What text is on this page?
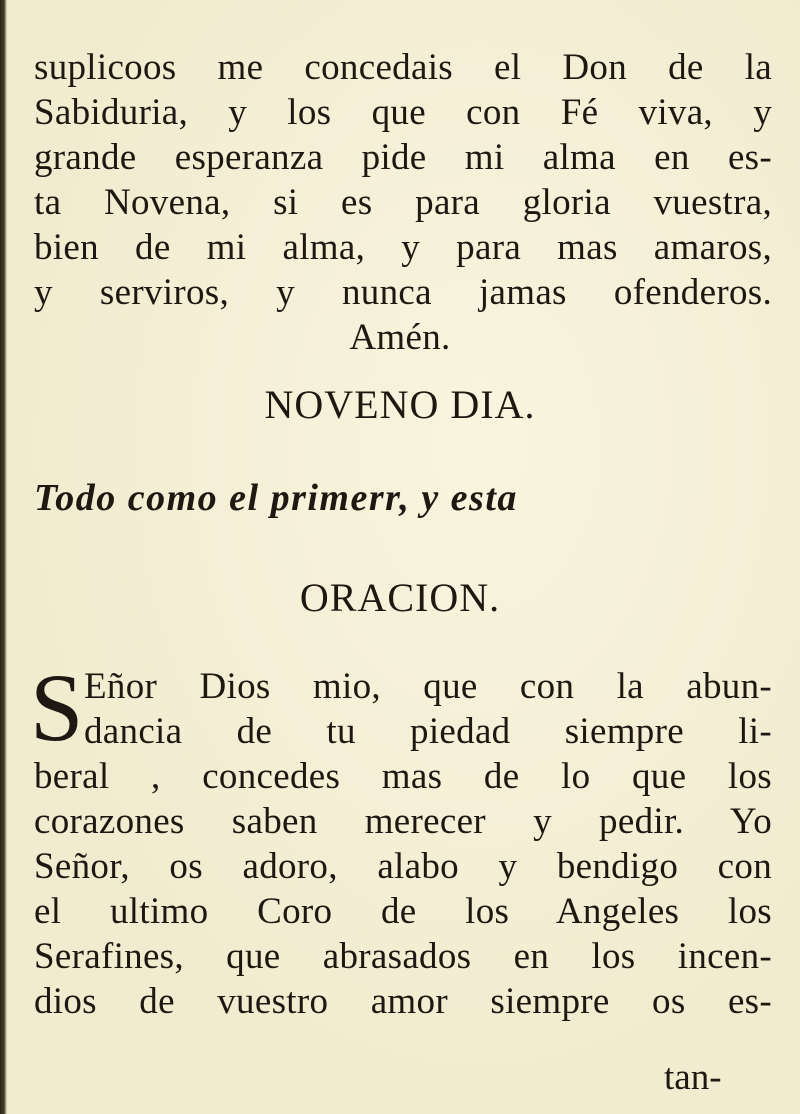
suplicoos me concedais el Don de la
Sabiduria, y los que con Fé viva, y
grande esperanza pide mi alma en es-
ta Novena, si es para gloria vuestra,
bien de mi alma, y para mas amaros,
y serviros, y nunca jamas ofenderos.
Amén.
NOVENO DIA.
Todo como el primerr, y esta
ORACION.
S Eñor Dios mio, que con la abun-
dancia de tu piedad siempre li-
beral , concedes mas de lo que los
corazones saben merecer y pedir. Yo
Señor, os adoro, alabo y bendigo con
el ultimo Coro de los Angeles los
Serafines, que abrasados en los incen-
dios de vuestro amor siempre os es-
tan-
